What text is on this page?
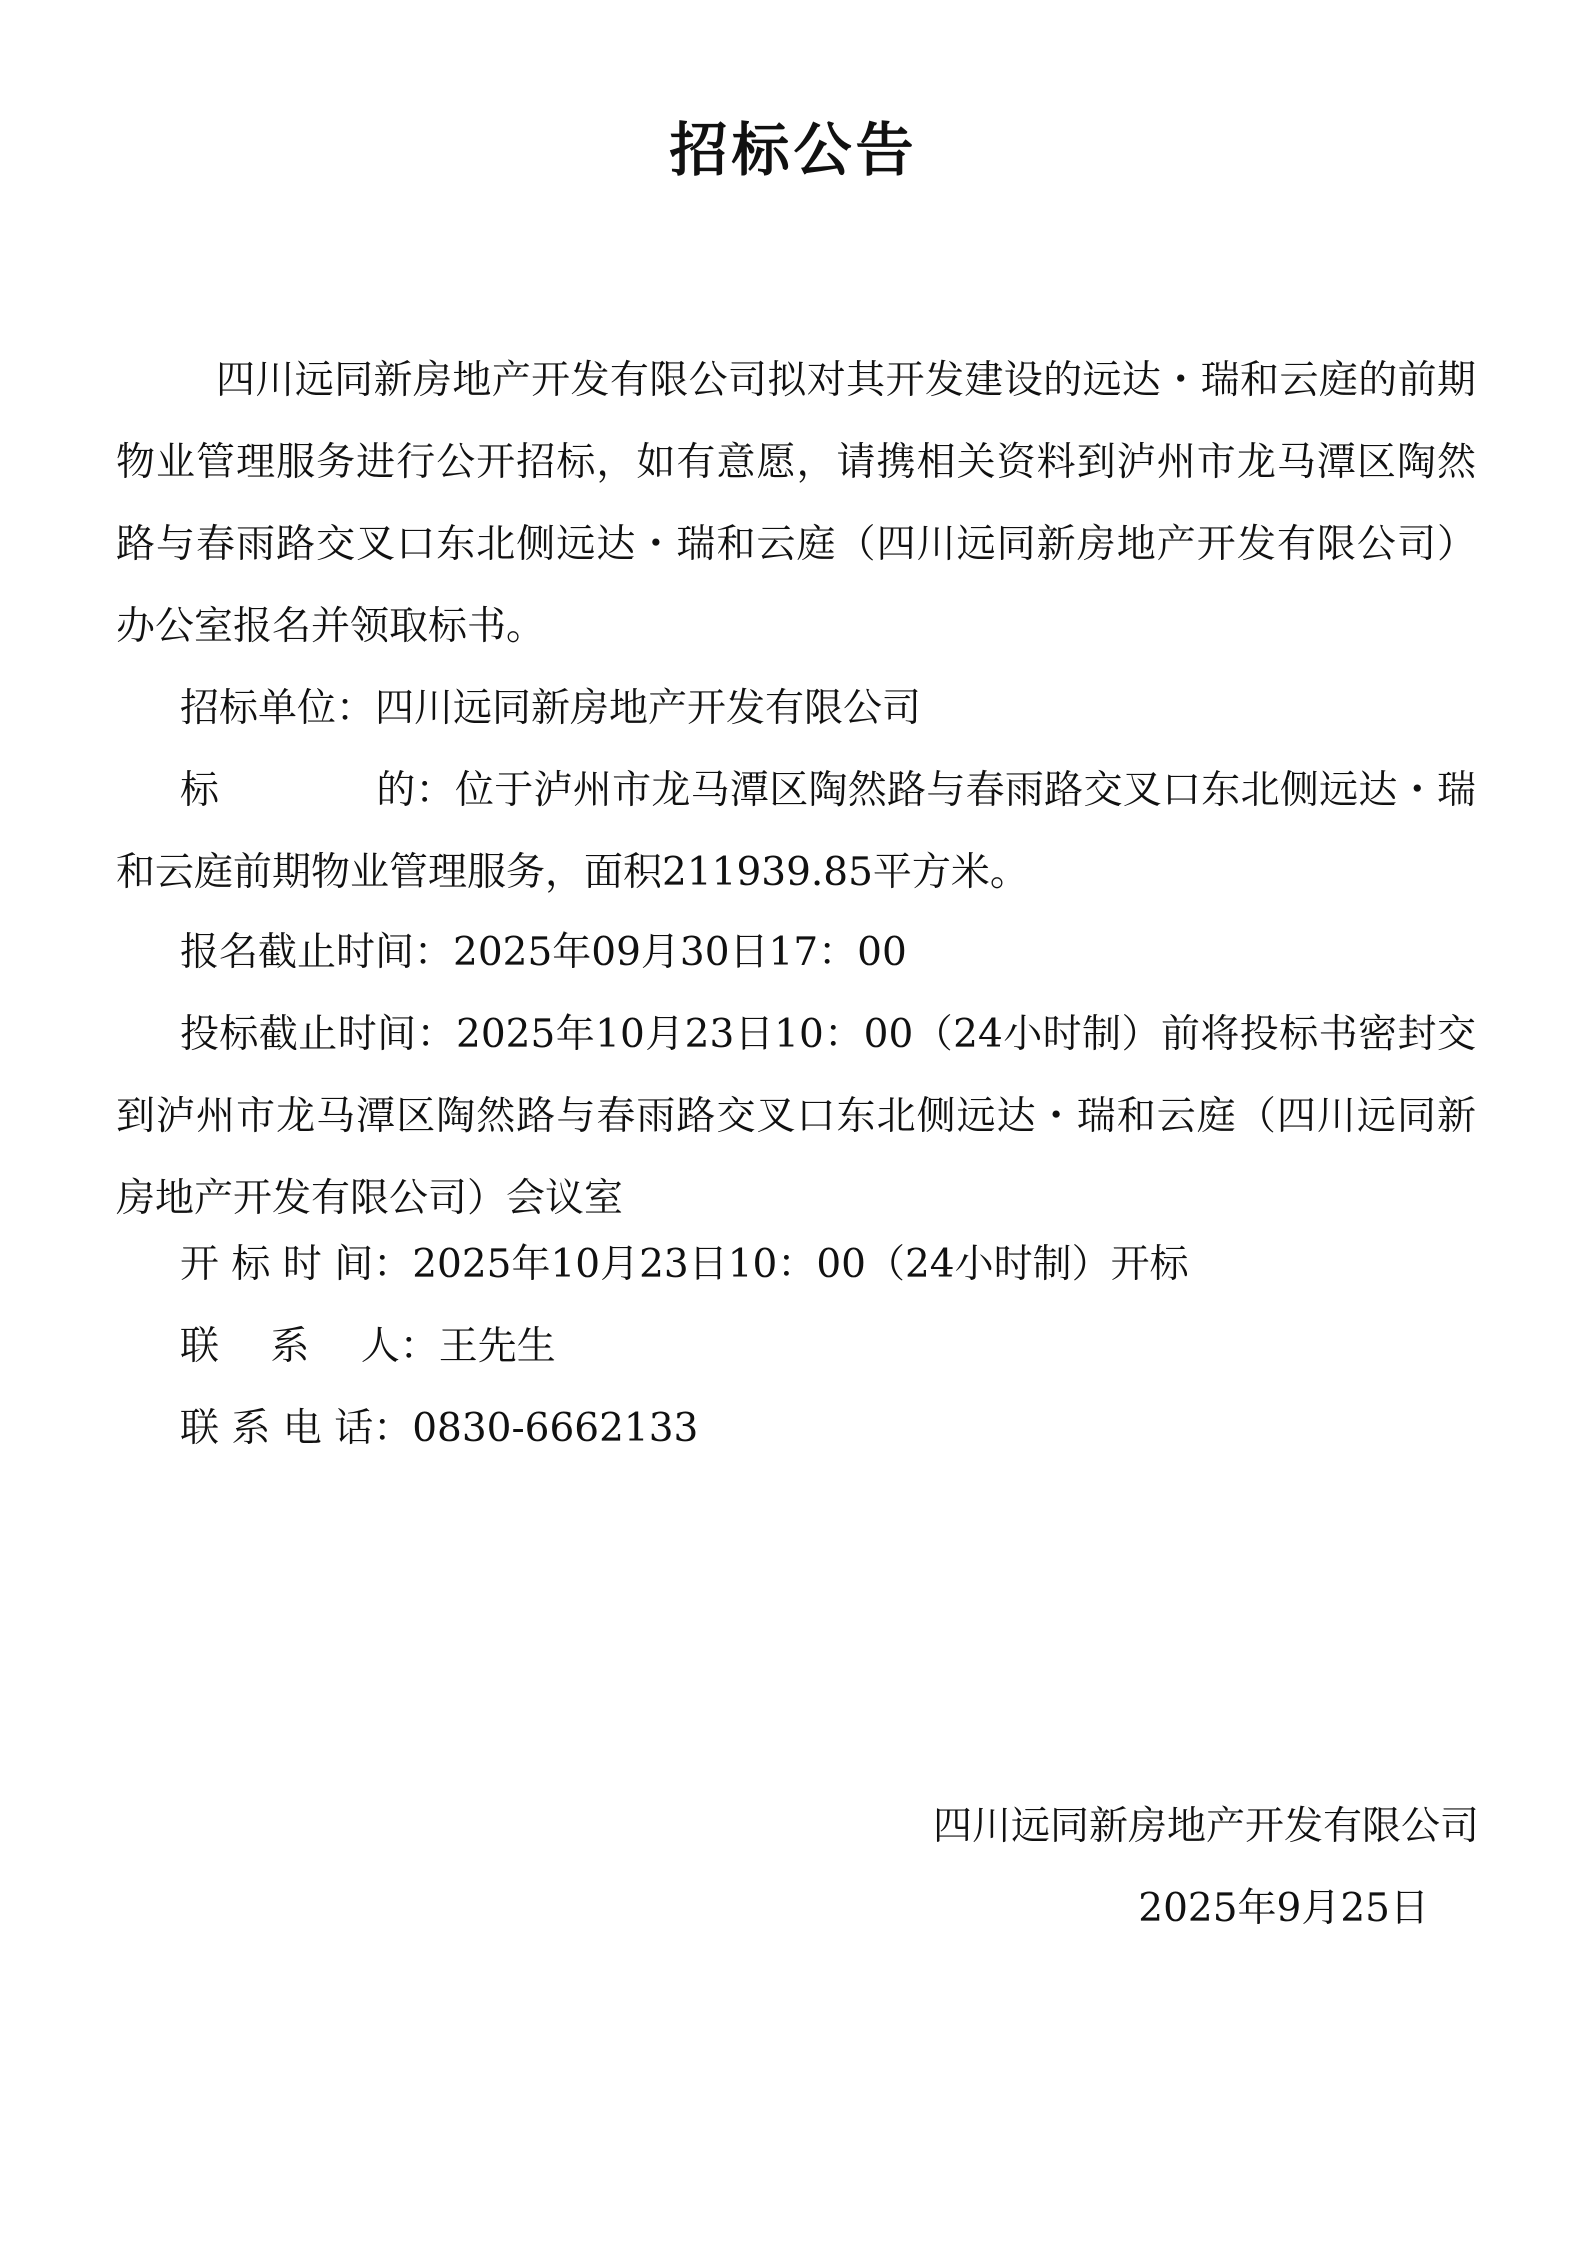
招标公告
四川远同新房地产开发有限公司拟对其开发建设的远达・瑞和云庭的前期物业管理服务进行公开招标，如有意愿，请携相关资料到泸州市龙马潭区陶然路与春雨路交叉口东北侧远达・瑞和云庭（四川远同新房地产开发有限公司）办公室报名并领取标书。
招标单位：四川远同新房地产开发有限公司
标　　　　的：位于泸州市龙马潭区陶然路与春雨路交叉口东北侧远达・瑞和云庭前期物业管理服务，面积211939.85平方米。
报名截止时间：2025年09月30日17：00
投标截止时间：2025年10月23日10：00（24小时制）前将投标书密封交到泸州市龙马潭区陶然路与春雨路交叉口东北侧远达・瑞和云庭（四川远同新房地产开发有限公司）会议室
开 标 时 间：2025年10月23日10：00（24小时制）开标
联　 系　 人：王先生
联 系 电 话：0830-6662133
四川远同新房地产开发有限公司
2025年9月25日
